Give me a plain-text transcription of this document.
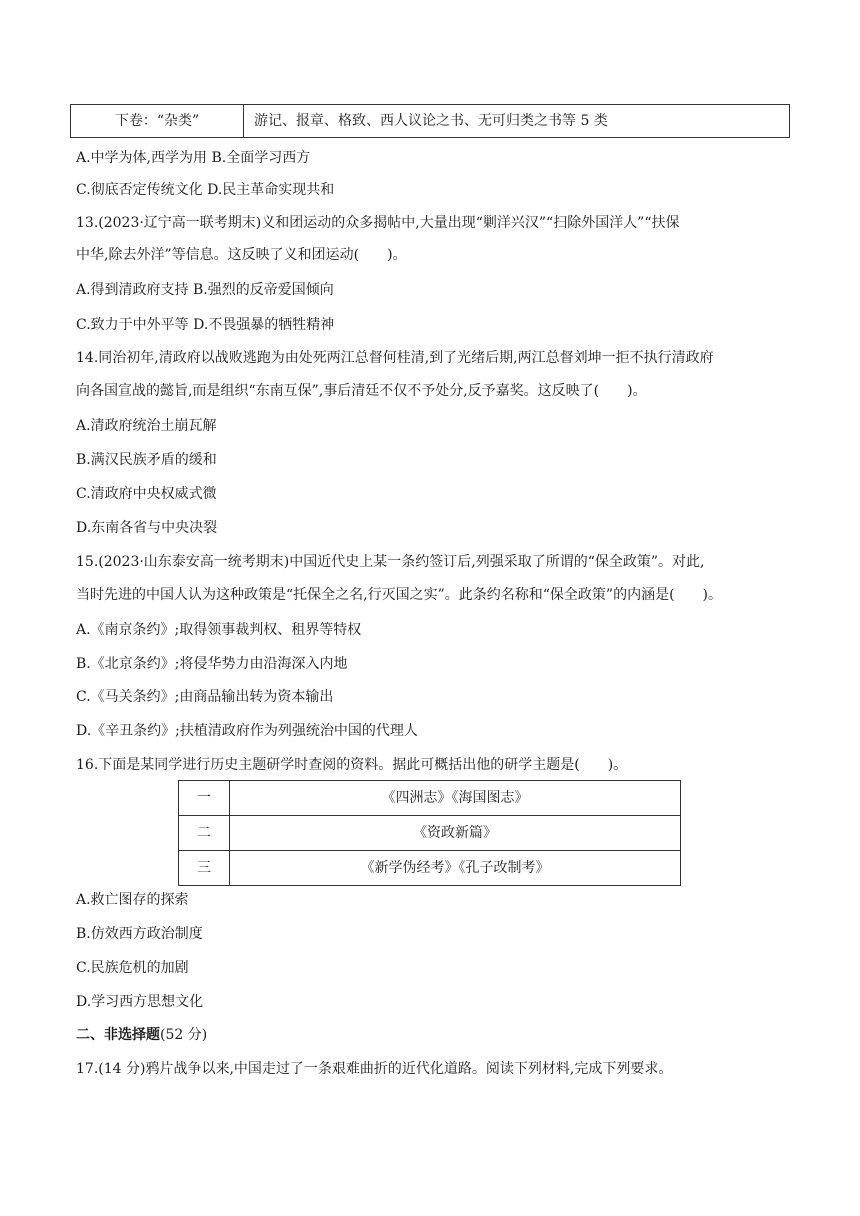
下卷：“杂类”	游记、报章、格致、西人议论之书、无可归类之书等 5 类
A.中学为体,西学为用 B.全面学习西方
C.彻底否定传统文化 D.民主革命实现共和
13.(2023·辽宁高一联考期末)义和团运动的众多揭帖中,大量出现“剿洋兴汉”“扫除外国洋人”“扶保
中华,除去外洋”等信息。这反映了义和团运动(　　)。
A.得到清政府支持 B.强烈的反帝爱国倾向
C.致力于中外平等 D.不畏强暴的牺牲精神
14.同治初年,清政府以战败逃跑为由处死两江总督何桂清,到了光绪后期,两江总督刘坤一拒不执行清政府
向各国宣战的懿旨,而是组织“东南互保”,事后清廷不仅不予处分,反予嘉奖。这反映了(　　)。
A.清政府统治土崩瓦解
B.满汉民族矛盾的缓和
C.清政府中央权威式微
D.东南各省与中央决裂
15.(2023·山东泰安高一统考期末)中国近代史上某一条约签订后,列强采取了所谓的“保全政策”。对此,
当时先进的中国人认为这种政策是“托保全之名,行灭国之实”。此条约名称和“保全政策”的内涵是(　　)。
A.《南京条约》;取得领事裁判权、租界等特权
B.《北京条约》;将侵华势力由沿海深入内地
C.《马关条约》;由商品输出转为资本输出
D.《辛丑条约》;扶植清政府作为列强统治中国的代理人
16.下面是某同学进行历史主题研学时查阅的资料。据此可概括出他的研学主题是(　　)。
一	《四洲志》《海国图志》
二	《资政新篇》
三	《新学伪经考》《孔子改制考》
A.救亡图存的探索
B.仿效西方政治制度
C.民族危机的加剧
D.学习西方思想文化
二、非选择题(52 分)
17.(14 分)鸦片战争以来,中国走过了一条艰难曲折的近代化道路。阅读下列材料,完成下列要求。
